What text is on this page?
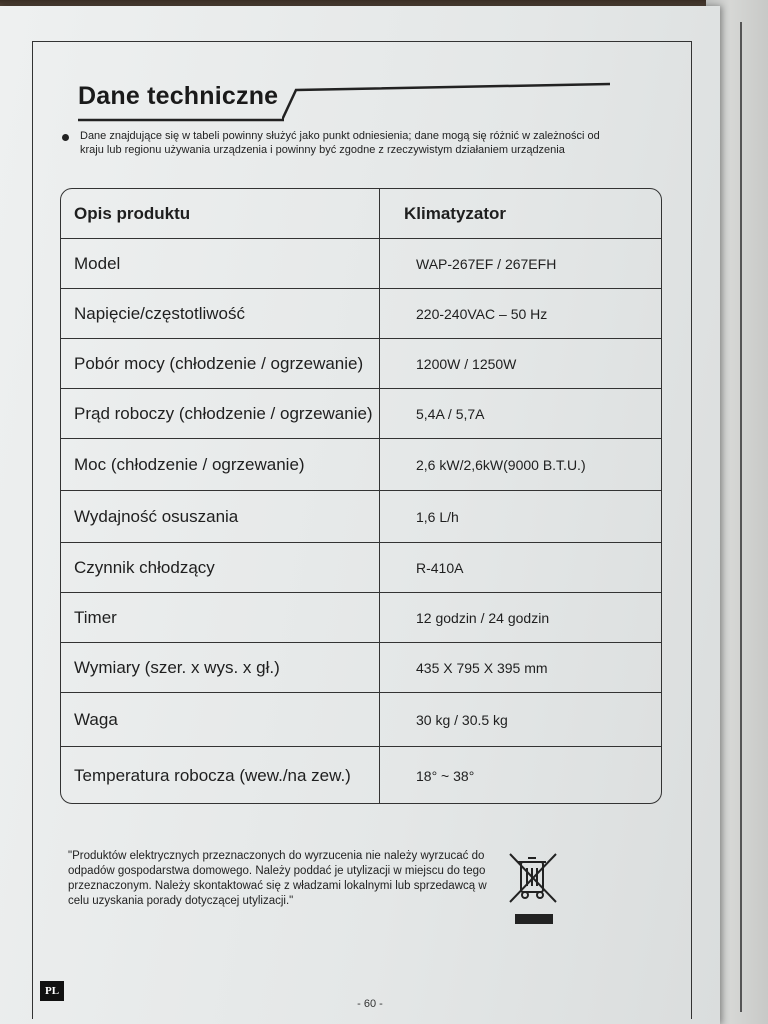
Dane techniczne
Dane znajdujące się w tabeli powinny służyć jako punkt odniesienia; dane mogą się różnić w zależności od kraju lub regionu używania urządzenia i powinny być zgodne z rzeczywistym działaniem urządzenia
Opis produktu	Klimatyzator
Model	WAP-267EF / 267EFH
Napięcie/częstotliwość	220-240VAC – 50 Hz
Pobór mocy (chłodzenie / ogrzewanie)	1200W / 1250W
Prąd roboczy (chłodzenie / ogrzewanie)	5,4A / 5,7A
Moc (chłodzenie / ogrzewanie)	2,6 kW/2,6kW(9000 B.T.U.)
Wydajność osuszania	1,6 L/h
Czynnik chłodzący	R-410A
Timer	12 godzin / 24 godzin
Wymiary (szer. x wys. x gł.)	435 X 795 X 395 mm
Waga	30 kg / 30.5 kg
Temperatura robocza (wew./na zew.)	18° ~ 38°
"Produktów elektrycznych przeznaczonych do wyrzucenia nie należy wyrzucać do odpadów gospodarstwa domowego. Należy poddać je utylizacji w miejscu do tego przeznaczonym. Należy skontaktować się z władzami lokalnymi lub sprzedawcą w celu uzyskania porady dotyczącej utylizacji."
PL
- 60 -
